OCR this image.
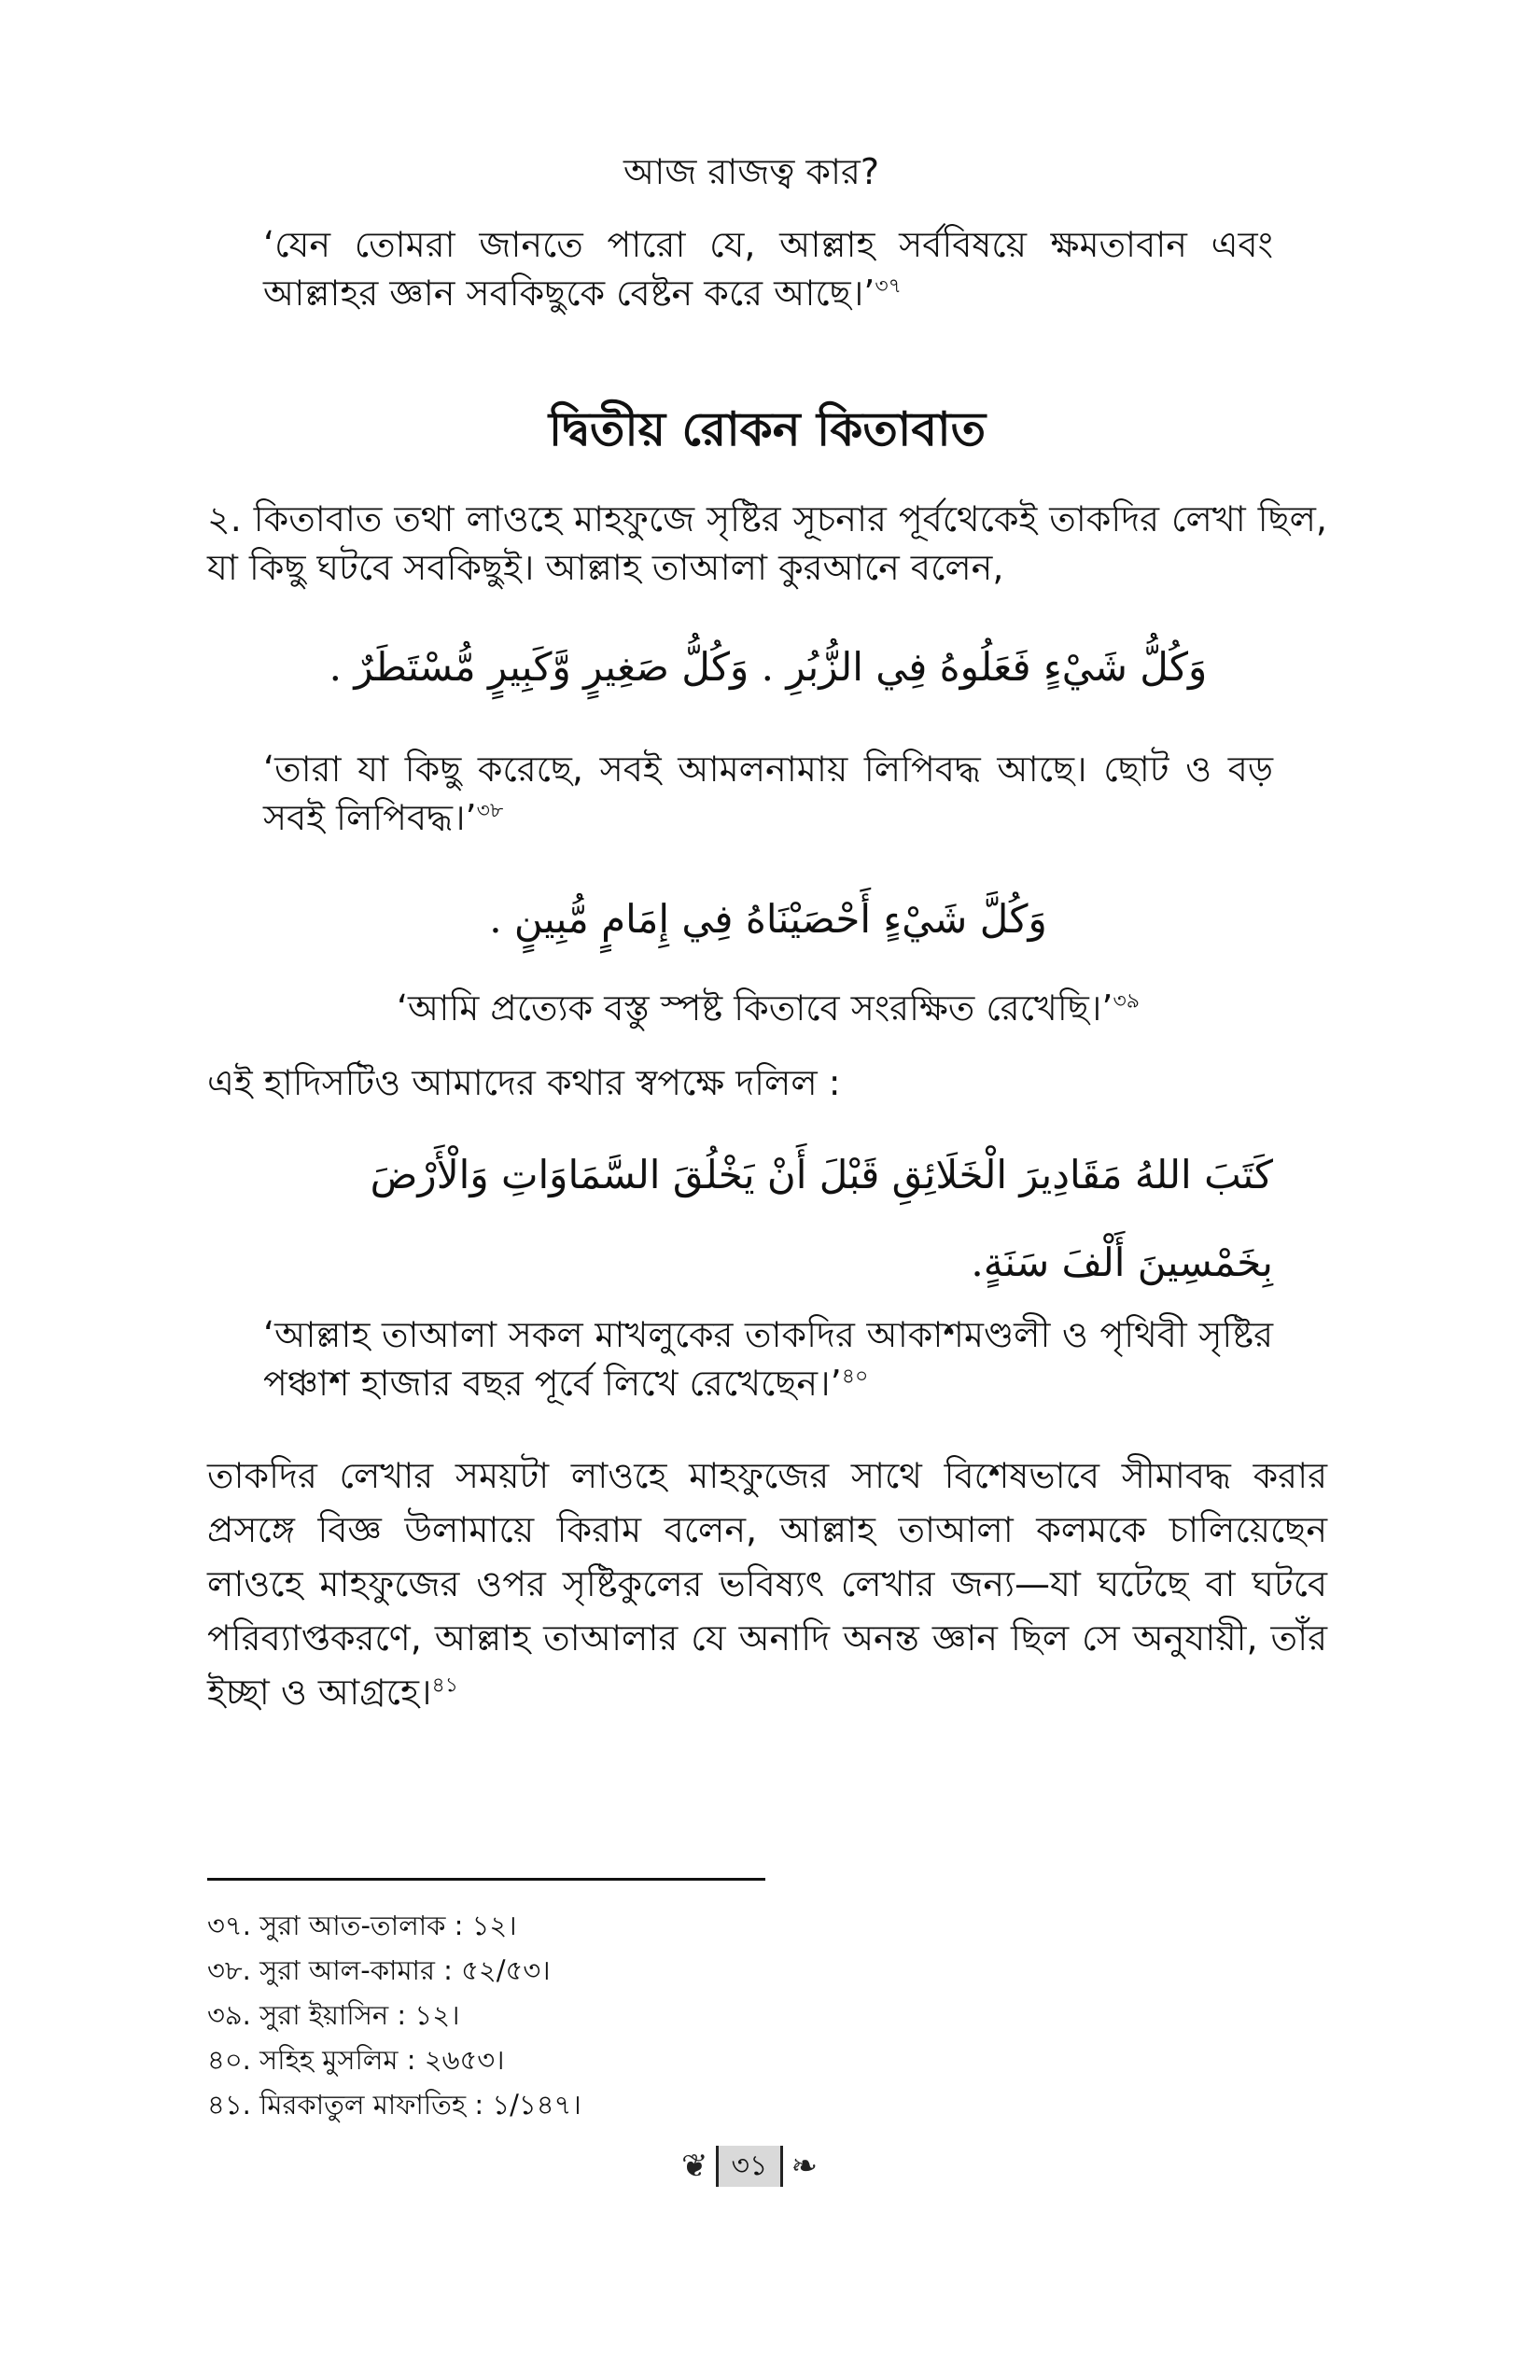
আজ রাজত্ব কার?

‘যেন তোমরা জানতে পারো যে, আল্লাহ সর্ববিষয়ে ক্ষমতাবান এবং আল্লাহর জ্ঞান সবকিছুকে বেষ্টন করে আছে।’$^{৩৭}$

দ্বিতীয় রোকন কিতাবাত

২. কিতাবাত তথা লাওহে মাহফুজে সৃষ্টির সূচনার পূর্বথেকেই তাকদির লেখা ছিল, যা কিছু ঘটবে সবকিছুই। আল্লাহ তাআলা কুরআনে বলেন,

وَكُلُّ شَيْءٍ فَعَلُوهُ فِي الزُّبُرِ . وَكُلُّ صَغِيرٍ وَّكَبِيرٍ مُّسْتَطَرٌ .

‘তারা যা কিছু করেছে, সবই আমলনামায় লিপিবদ্ধ আছে। ছোট ও বড় সবই লিপিবদ্ধ।’$^{৩৮}$

وَكُلَّ شَيْءٍ أَحْصَيْنَاهُ فِي إِمَامٍ مُّبِينٍ .

‘আমি প্রত্যেক বস্তু স্পষ্ট কিতাবে সংরক্ষিত রেখেছি।’$^{৩৯}$

এই হাদিসটিও আমাদের কথার স্বপক্ষে দলিল :

كَتَبَ اللهُ مَقَادِيرَ الْخَلَائِقِ قَبْلَ أَنْ يَخْلُقَ السَّمَاوَاتِ وَالْأَرْضَ بِخَمْسِينَ أَلْفَ سَنَةٍ.

‘আল্লাহ তাআলা সকল মাখলুকের তাকদির আকাশমণ্ডলী ও পৃথিবী সৃষ্টির পঞ্চাশ হাজার বছর পূর্বে লিখে রেখেছেন।’$^{৪০}$

তাকদির লেখার সময়টা লাওহে মাহফুজের সাথে বিশেষভাবে সীমাবদ্ধ করার প্রসঙ্গে বিজ্ঞ উলামায়ে কিরাম বলেন, আল্লাহ তাআলা কলমকে চালিয়েছেন লাওহে মাহফুজের ওপর সৃষ্টিকুলের ভবিষ্যৎ লেখার জন্য—যা ঘটেছে বা ঘটবে পরিব্যাপ্তকরণে, আল্লাহ তাআলার যে অনাদি অনন্ত জ্ঞান ছিল সে অনুযায়ী, তাঁর ইচ্ছা ও আগ্রহে।$^{৪১}$

৩৭. সুরা আত-তালাক : ১২।
৩৮. সুরা আল-কামার : ৫২/৫৩।
৩৯. সুরা ইয়াসিন : ১২।
৪০. সহিহ মুসলিম : ২৬৫৩।
৪১. মিরকাতুল মাফাতিহ : ১/১৪৭।
❦ ৩১ ❧
